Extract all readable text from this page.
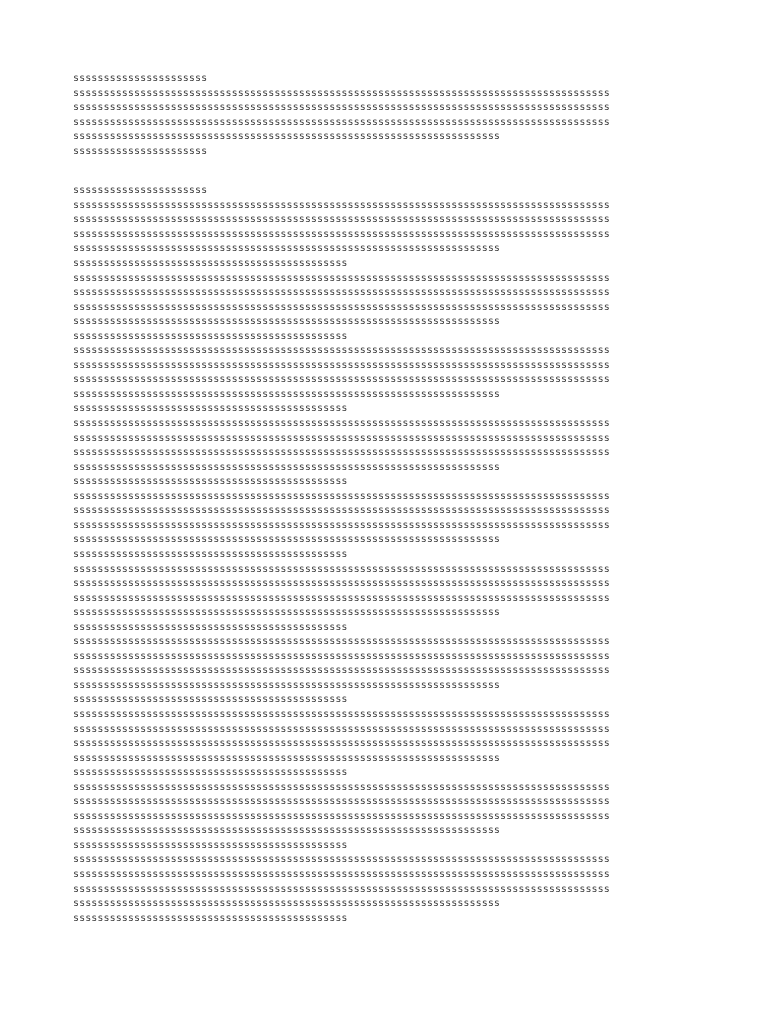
ssssssssssssssssssssss
ssssssssssssssssssssssssssssssssssssssssssssssssssssssssssssssssssssssssssssssssssssssss
ssssssssssssssssssssssssssssssssssssssssssssssssssssssssssssssssssssssssssssssssssssssss
ssssssssssssssssssssssssssssssssssssssssssssssssssssssssssssssssssssssssssssssssssssssss
ssssssssssssssssssssssssssssssssssssssssssssssssssssssssssssssssssssss
ssssssssssssssssssssss
ssssssssssssssssssssss
ssssssssssssssssssssssssssssssssssssssssssssssssssssssssssssssssssssssssssssssssssssssss
ssssssssssssssssssssssssssssssssssssssssssssssssssssssssssssssssssssssssssssssssssssssss
ssssssssssssssssssssssssssssssssssssssssssssssssssssssssssssssssssssssssssssssssssssssss
ssssssssssssssssssssssssssssssssssssssssssssssssssssssssssssssssssssss
sssssssssssssssssssssssssssssssssssssssssssss
ssssssssssssssssssssssssssssssssssssssssssssssssssssssssssssssssssssssssssssssssssssssss
ssssssssssssssssssssssssssssssssssssssssssssssssssssssssssssssssssssssssssssssssssssssss
ssssssssssssssssssssssssssssssssssssssssssssssssssssssssssssssssssssssssssssssssssssssss
ssssssssssssssssssssssssssssssssssssssssssssssssssssssssssssssssssssss
sssssssssssssssssssssssssssssssssssssssssssss
ssssssssssssssssssssssssssssssssssssssssssssssssssssssssssssssssssssssssssssssssssssssss
ssssssssssssssssssssssssssssssssssssssssssssssssssssssssssssssssssssssssssssssssssssssss
ssssssssssssssssssssssssssssssssssssssssssssssssssssssssssssssssssssssssssssssssssssssss
ssssssssssssssssssssssssssssssssssssssssssssssssssssssssssssssssssssss
sssssssssssssssssssssssssssssssssssssssssssss
ssssssssssssssssssssssssssssssssssssssssssssssssssssssssssssssssssssssssssssssssssssssss
ssssssssssssssssssssssssssssssssssssssssssssssssssssssssssssssssssssssssssssssssssssssss
ssssssssssssssssssssssssssssssssssssssssssssssssssssssssssssssssssssssssssssssssssssssss
ssssssssssssssssssssssssssssssssssssssssssssssssssssssssssssssssssssss
sssssssssssssssssssssssssssssssssssssssssssss
ssssssssssssssssssssssssssssssssssssssssssssssssssssssssssssssssssssssssssssssssssssssss
ssssssssssssssssssssssssssssssssssssssssssssssssssssssssssssssssssssssssssssssssssssssss
ssssssssssssssssssssssssssssssssssssssssssssssssssssssssssssssssssssssssssssssssssssssss
ssssssssssssssssssssssssssssssssssssssssssssssssssssssssssssssssssssss
sssssssssssssssssssssssssssssssssssssssssssss
ssssssssssssssssssssssssssssssssssssssssssssssssssssssssssssssssssssssssssssssssssssssss
ssssssssssssssssssssssssssssssssssssssssssssssssssssssssssssssssssssssssssssssssssssssss
ssssssssssssssssssssssssssssssssssssssssssssssssssssssssssssssssssssssssssssssssssssssss
ssssssssssssssssssssssssssssssssssssssssssssssssssssssssssssssssssssss
sssssssssssssssssssssssssssssssssssssssssssss
ssssssssssssssssssssssssssssssssssssssssssssssssssssssssssssssssssssssssssssssssssssssss
ssssssssssssssssssssssssssssssssssssssssssssssssssssssssssssssssssssssssssssssssssssssss
ssssssssssssssssssssssssssssssssssssssssssssssssssssssssssssssssssssssssssssssssssssssss
ssssssssssssssssssssssssssssssssssssssssssssssssssssssssssssssssssssss
sssssssssssssssssssssssssssssssssssssssssssss
ssssssssssssssssssssssssssssssssssssssssssssssssssssssssssssssssssssssssssssssssssssssss
ssssssssssssssssssssssssssssssssssssssssssssssssssssssssssssssssssssssssssssssssssssssss
ssssssssssssssssssssssssssssssssssssssssssssssssssssssssssssssssssssssssssssssssssssssss
ssssssssssssssssssssssssssssssssssssssssssssssssssssssssssssssssssssss
sssssssssssssssssssssssssssssssssssssssssssss
ssssssssssssssssssssssssssssssssssssssssssssssssssssssssssssssssssssssssssssssssssssssss
ssssssssssssssssssssssssssssssssssssssssssssssssssssssssssssssssssssssssssssssssssssssss
ssssssssssssssssssssssssssssssssssssssssssssssssssssssssssssssssssssssssssssssssssssssss
ssssssssssssssssssssssssssssssssssssssssssssssssssssssssssssssssssssss
sssssssssssssssssssssssssssssssssssssssssssss
ssssssssssssssssssssssssssssssssssssssssssssssssssssssssssssssssssssssssssssssssssssssss
ssssssssssssssssssssssssssssssssssssssssssssssssssssssssssssssssssssssssssssssssssssssss
ssssssssssssssssssssssssssssssssssssssssssssssssssssssssssssssssssssssssssssssssssssssss
ssssssssssssssssssssssssssssssssssssssssssssssssssssssssssssssssssssss
sssssssssssssssssssssssssssssssssssssssssssss
